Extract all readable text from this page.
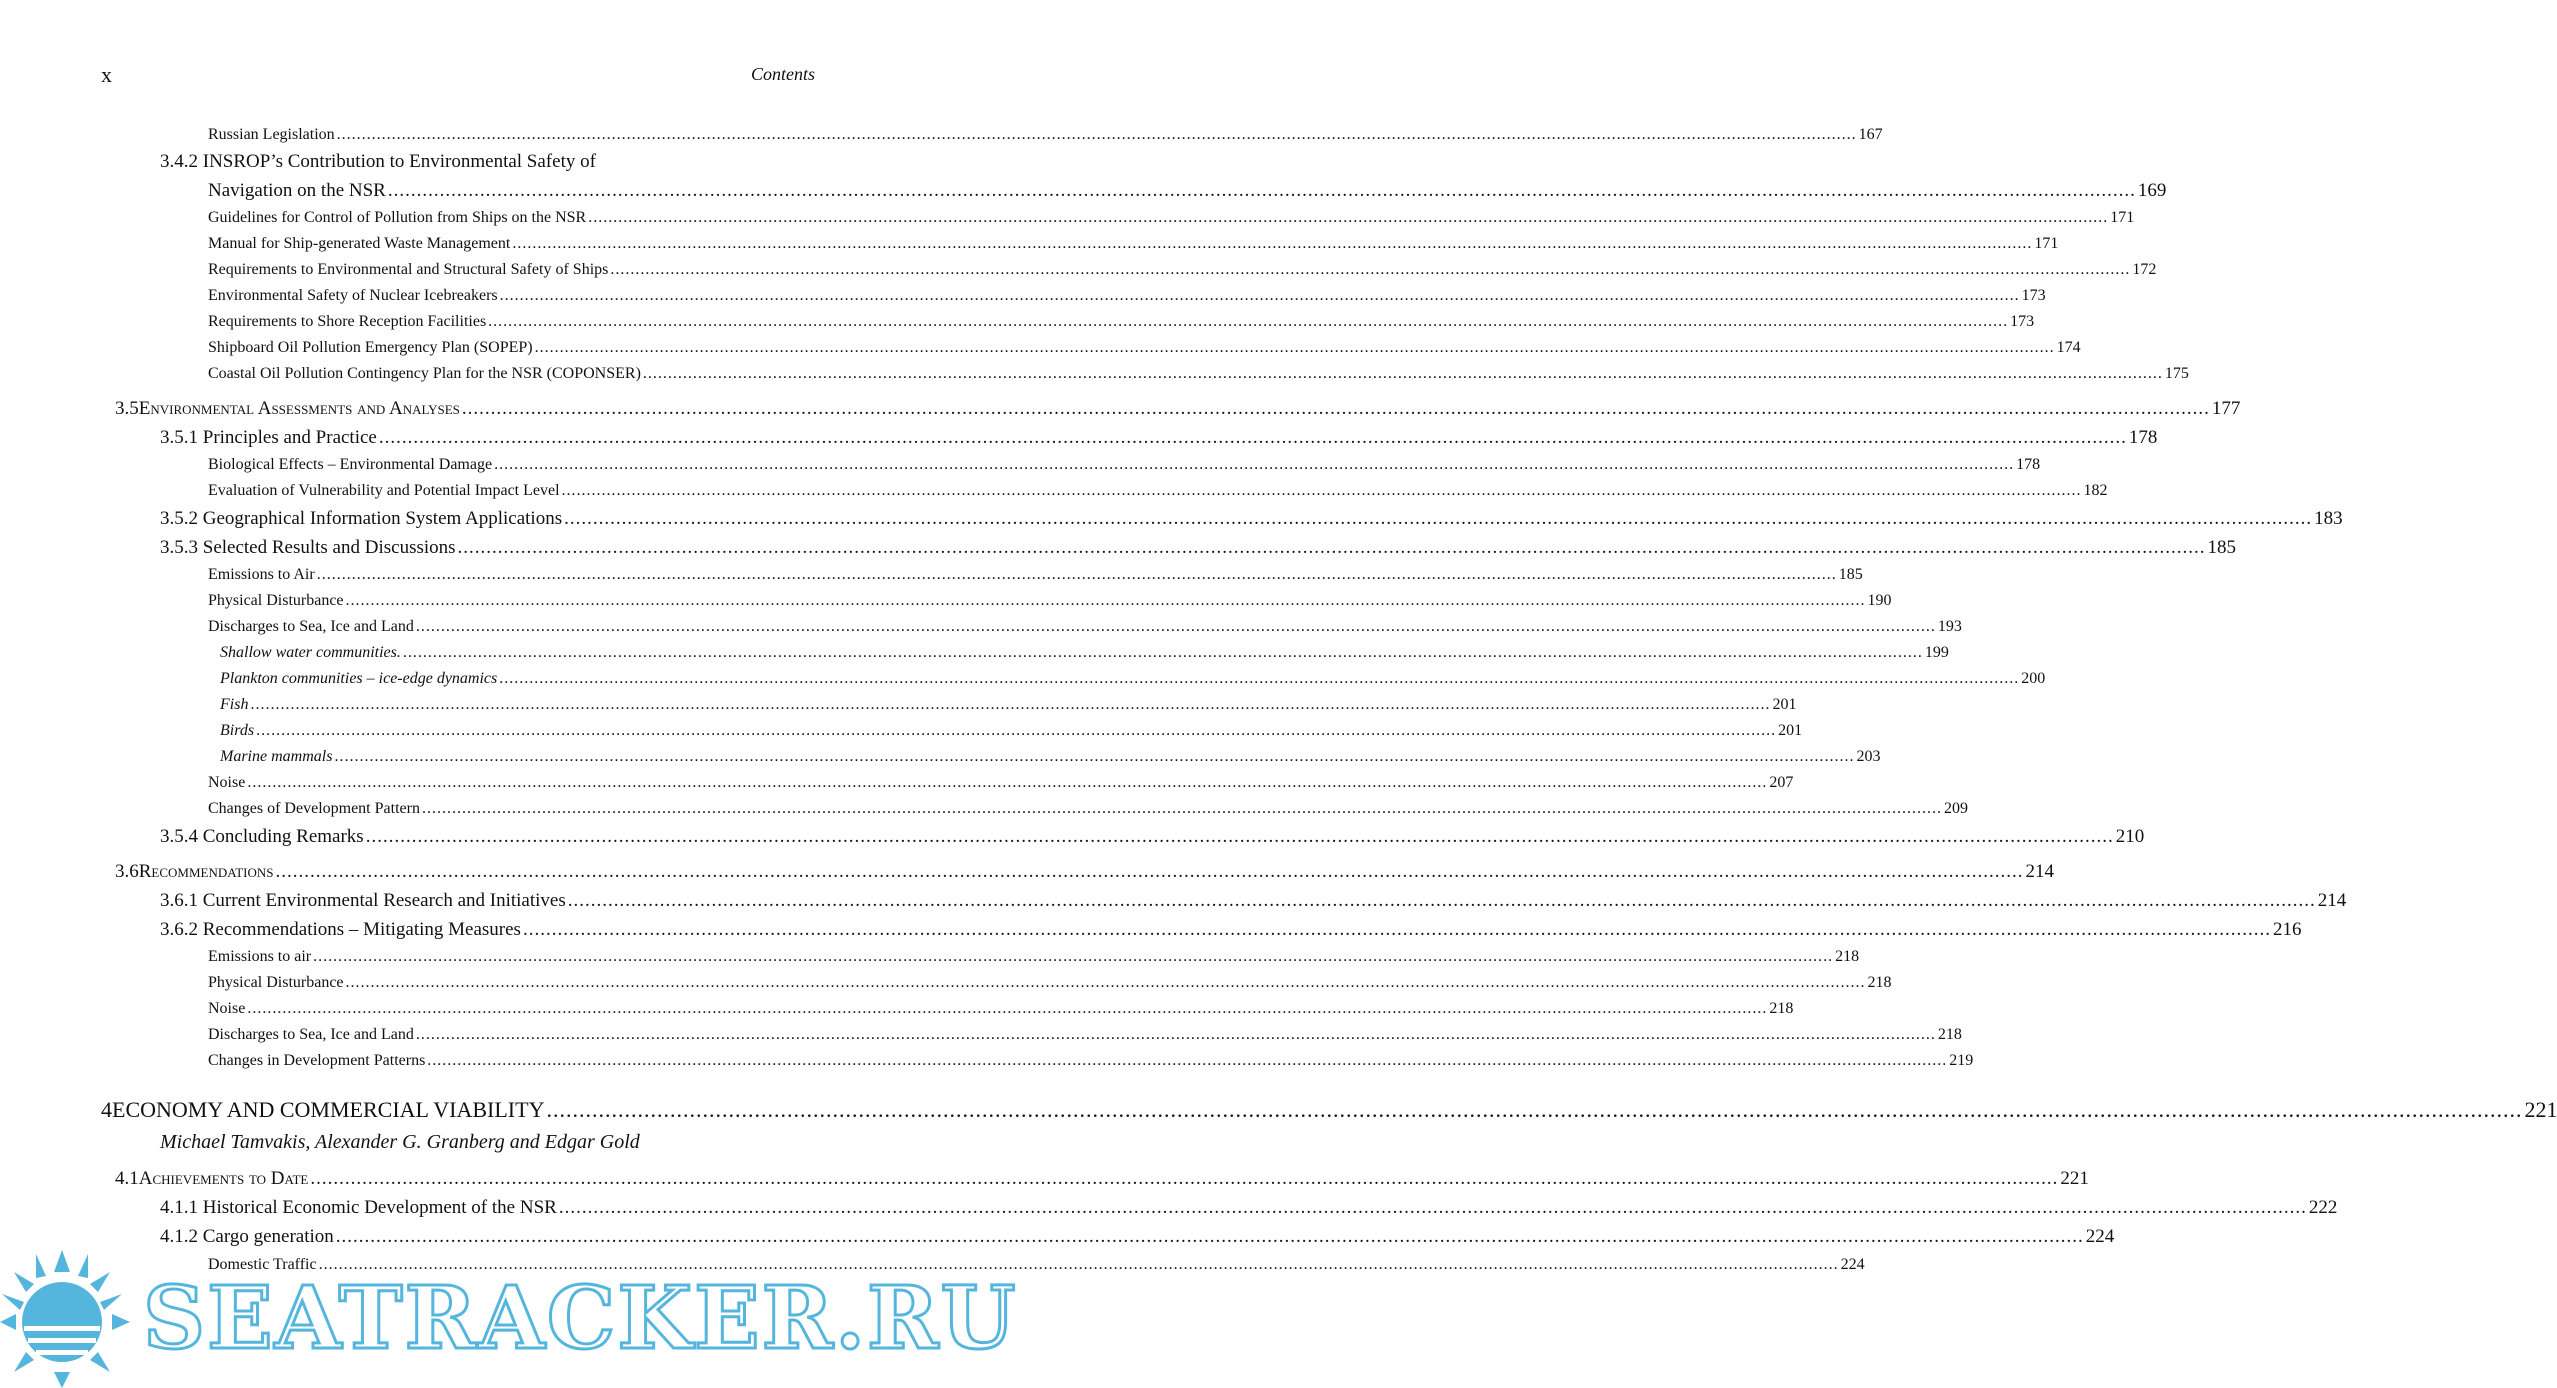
x	Contents
Russian Legislation .....	167
3.4.2 INSROP’s Contribution to Environmental Safety of
Navigation on the NSR .....	169
Guidelines for Control of Pollution from Ships on the NSR .....	171
Manual for Ship-generated Waste Management .....	171
Requirements to Environmental and Structural Safety of Ships .....	172
Environmental Safety of Nuclear Icebreakers .....	173
Requirements to Shore Reception Facilities .....	173
Shipboard Oil Pollution Emergency Plan (SOPEP) .....	174
Coastal Oil Pollution Contingency Plan for the NSR (COPONSER) .....	175
3.5 Environmental Assessments and Analyses .....	177
3.5.1 Principles and Practice .....	178
Biological Effects – Environmental Damage .....	178
Evaluation of Vulnerability and Potential Impact Level .....	182
3.5.2 Geographical Information System Applications .....	183
3.5.3 Selected Results and Discussions .....	185
Emissions to Air .....	185
Physical Disturbance .....	190
Discharges to Sea, Ice and Land .....	193
Shallow water communities. .....	199
Plankton communities – ice-edge dynamics .....	200
Fish .....	201
Birds .....	201
Marine mammals .....	203
Noise .....	207
Changes of Development Pattern .....	209
3.5.4 Concluding Remarks .....	210
3.6 Recommendations .....	214
3.6.1 Current Environmental Research and Initiatives .....	214
3.6.2 Recommendations – Mitigating Measures .....	216
Emissions to air .....	218
Physical Disturbance .....	218
Noise .....	218
Discharges to Sea, Ice and Land .....	218
Changes in Development Patterns .....	219
4 ECONOMY AND COMMERCIAL VIABILITY .....	221
Michael Tamvakis, Alexander G. Granberg and Edgar Gold
4.1 Achievements to Date .....	221
4.1.1 Historical Economic Development of the NSR .....	222
4.1.2 Cargo generation .....	224
Domestic Traffic .....	224
SEATRACKER.RU
